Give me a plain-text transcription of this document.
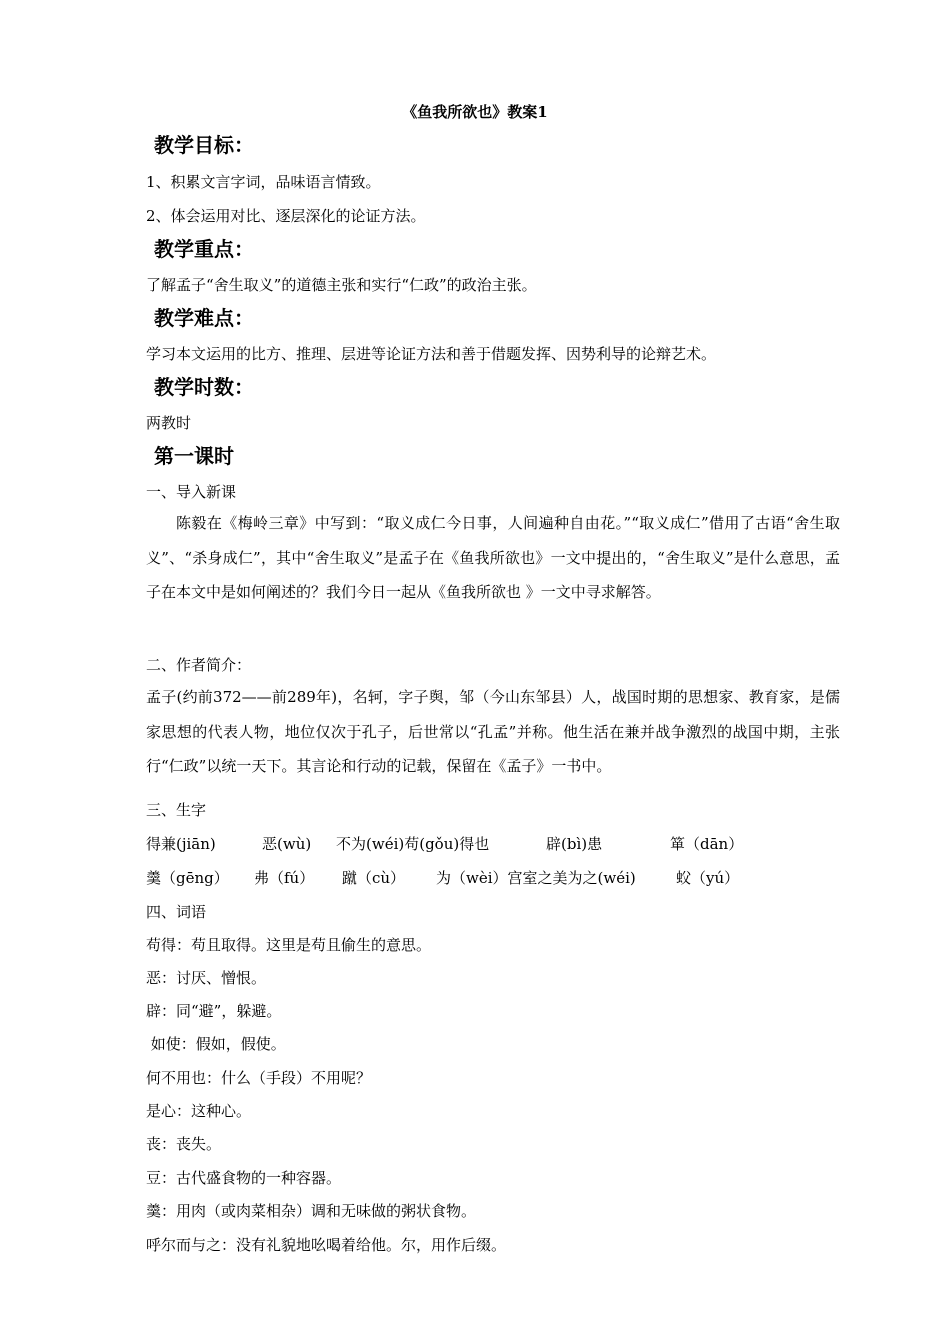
《鱼我所欲也》教案1
教学目标：
1、积累文言字词，品味语言情致。
2、体会运用对比、逐层深化的论证方法。
教学重点：
了解孟子“舍生取义”的道德主张和实行“仁政”的政治主张。
教学难点：
学习本文运用的比方、推理、层进等论证方法和善于借题发挥、因势利导的论辩艺术。
教学时数：
两教时
第一课时
一、导入新课
陈毅在《梅岭三章》中写到：“取义成仁今日事，人间遍种自由花。”“取义成仁”借用了古语“舍生取义”、“杀身成仁”，其中“舍生取义”是孟子在《鱼我所欲也》一文中提出的，“舍生取义”是什么意思，孟子在本文中是如何阐述的？我们今日一起从《鱼我所欲也 》一文中寻求解答。
二、作者简介：
孟子(约前372——前289年)，名轲，字子舆，邹（今山东邹县）人，战国时期的思想家、教育家，是儒家思想的代表人物，地位仅次于孔子，后世常以“孔孟”并称。他生活在兼并战争激烈的战国中期，主张行“仁政”以统一天下。其言论和行动的记载，保留在《孟子》一书中。
三、生字
得兼(jiān)	恶(wù) 不为(wéi)苟(gǒu)得也	辟(bì)患	箪（dān）
羹（gēng） 弗（fú） 蹴（cù） 为（wèi）宫室之美为之(wéi)	蚥（yú）
四、词语
苟得：苟且取得。这里是苟且偷生的意思。
恶：讨厌、憎恨。
辟：同“避”，躲避。
如使：假如，假使。
何不用也：什么（手段）不用呢？
是心：这种心。
丧：丧失。
豆：古代盛食物的一种容器。
羹：用肉（或肉菜相杂）调和无味做的粥状食物。
呼尔而与之：没有礼貌地吆喝着给他。尔，用作后缀。
